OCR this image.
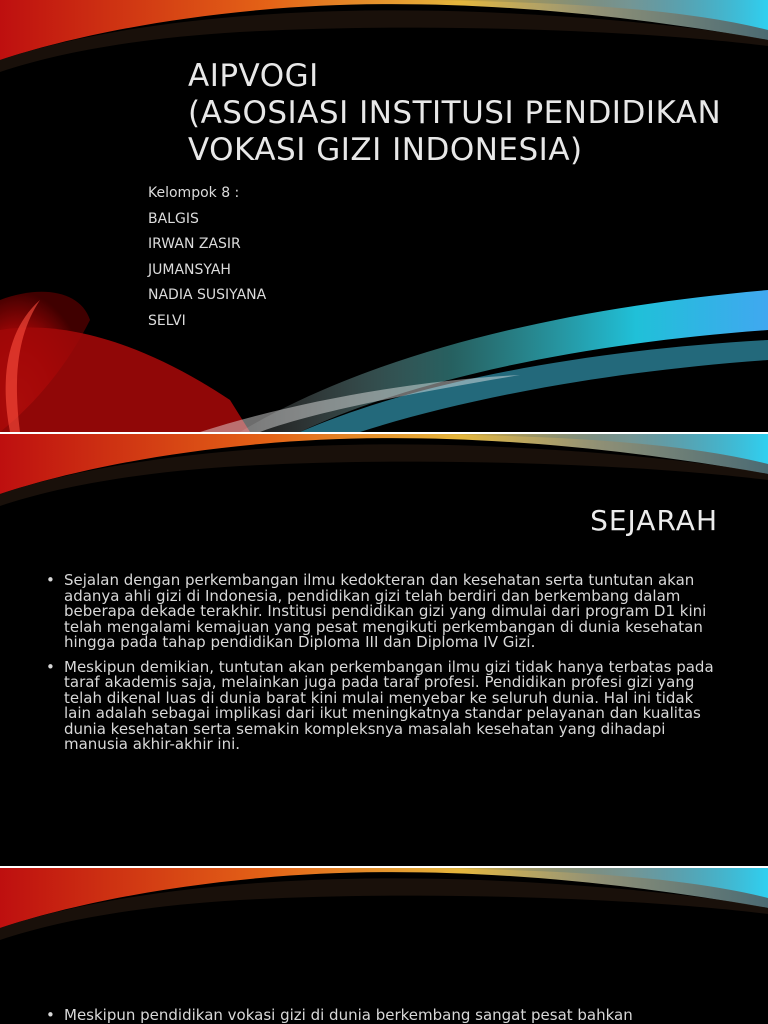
AIPVOGI
(ASOSIASI INSTITUSI PENDIDIKAN
VOKASI GIZI INDONESIA)
Kelompok 8 :
BALGIS
IRWAN ZASIR
JUMANSYAH
NADIA SUSIYANA
SELVI
SEJARAH
• Sejalan dengan perkembangan ilmu kedokteran dan kesehatan serta tuntutan akan adanya ahli gizi di Indonesia, pendidikan gizi telah berdiri dan berkembang dalam beberapa dekade terakhir. Institusi pendidikan gizi yang dimulai dari program D1 kini telah mengalami kemajuan yang pesat mengikuti perkembangan di dunia kesehatan hingga pada tahap pendidikan Diploma III dan Diploma IV Gizi.
• Meskipun demikian, tuntutan akan perkembangan ilmu gizi tidak hanya terbatas pada taraf akademis saja, melainkan juga pada taraf profesi. Pendidikan profesi gizi yang telah dikenal luas di dunia barat kini mulai menyebar ke seluruh dunia. Hal ini tidak lain adalah sebagai implikasi dari ikut meningkatnya standar pelayanan dan kualitas dunia kesehatan serta semakin kompleksnya masalah kesehatan yang dihadapi manusia akhir-akhir ini.
• Meskipun pendidikan vokasi gizi di dunia berkembang sangat pesat bahkan
